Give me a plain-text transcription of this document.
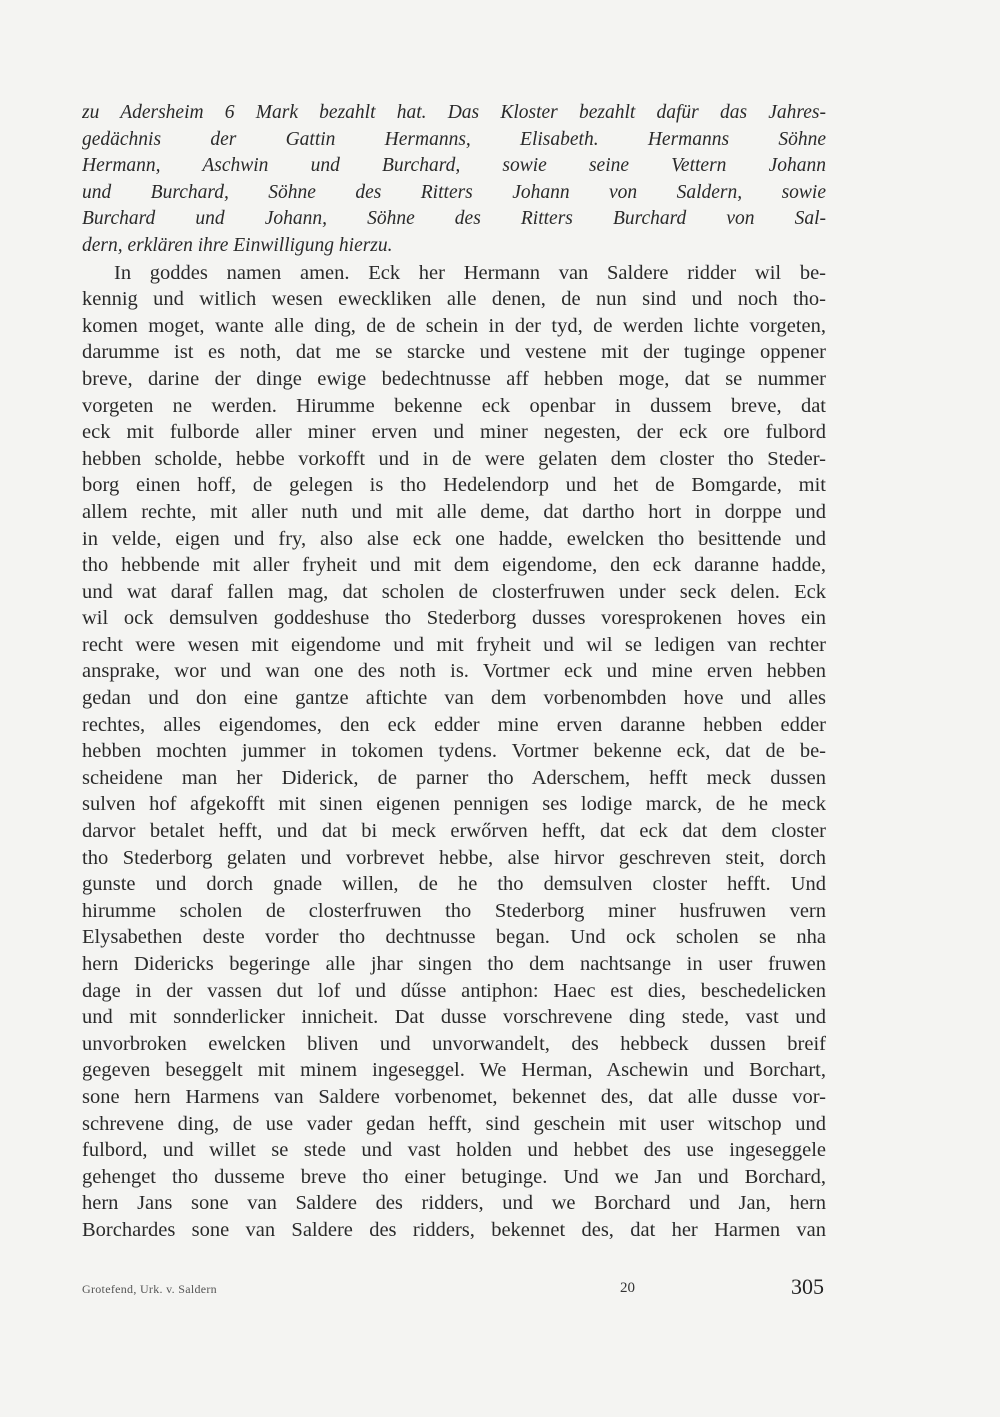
zu Adersheim 6 Mark bezahlt hat. Das Kloster bezahlt dafür das Jahres-
gedächnis der Gattin Hermanns, Elisabeth. Hermanns Söhne
Hermann, Aschwin und Burchard, sowie seine Vettern Johann
und Burchard, Söhne des Ritters Johann von Saldern, sowie
Burchard und Johann, Söhne des Ritters Burchard von Sal-
dern, erklären ihre Einwilligung hierzu.
In goddes namen amen. Eck her Hermann van Saldere ridder wil be-
kennig und witlich wesen eweckliken alle denen, de nun sind und noch tho-
komen moget, wante alle ding, de de schein in der tyd, de werden lichte vorgeten,
darumme ist es noth, dat me se starcke und vestene mit der tuginge oppener
breve, darine der dinge ewige bedechtnusse aff hebben moge, dat se nummer
vorgeten ne werden. Hirumme bekenne eck openbar in dussem breve, dat
eck mit fulborde aller miner erven und miner negesten, der eck ore fulbord
hebben scholde, hebbe vorkofft und in de were gelaten dem closter tho Steder-
borg einen hoff, de gelegen is tho Hedelendorp und het de Bomgarde, mit
allem rechte, mit aller nuth und mit alle deme, dat dartho hort in dorppe und
in velde, eigen und fry, also alse eck one hadde, ewelcken tho besittende und
tho hebbende mit aller fryheit und mit dem eigendome, den eck daranne hadde,
und wat daraf fallen mag, dat scholen de closterfruwen under seck delen. Eck
wil ock demsulven goddeshuse tho Stederborg dusses voresprokenen hoves ein
recht were wesen mit eigendome und mit fryheit und wil se ledigen van rechter
ansprake, wor und wan one des noth is. Vortmer eck und mine erven hebben
gedan und don eine gantze aftichte van dem vorbenombden hove und alles
rechtes, alles eigendomes, den eck edder mine erven daranne hebben edder
hebben mochten jummer in tokomen tydens. Vortmer bekenne eck, dat de be-
scheidene man her Diderick, de parner tho Aderschem, hefft meck dussen
sulven hof afgekofft mit sinen eigenen pennigen ses lodige marck, de he meck
darvor betalet hefft, und dat bi meck erwőrven hefft, dat eck dat dem closter
tho Stederborg gelaten und vorbrevet hebbe, alse hirvor geschreven steit, dorch
gunste und dorch gnade willen, de he tho demsulven closter hefft. Und
hirumme scholen de closterfruwen tho Stederborg miner husfruwen vern
Elysabethen deste vorder tho dechtnusse began. Und ock scholen se nha
hern Didericks begeringe alle jhar singen tho dem nachtsange in user fruwen
dage in der vassen dut lof und dűsse antiphon: Haec est dies, beschedelicken
und mit sonnderlicker innicheit. Dat dusse vorschrevene ding stede, vast und
unvorbroken ewelcken bliven und unvorwandelt, des hebbeck dussen breif
gegeven beseggelt mit minem ingeseggel. We Herman, Aschewin und Borchart,
sone hern Harmens van Saldere vorbenomet, bekennet des, dat alle dusse vor-
schrevene ding, de use vader gedan hefft, sind geschein mit user witschop und
fulbord, und willet se stede und vast holden und hebbet des use ingeseggele
gehenget tho dusseme breve tho einer betuginge. Und we Jan und Borchard,
hern Jans sone van Saldere des ridders, und we Borchard und Jan, hern
Borchardes sone van Saldere des ridders, bekennet des, dat her Harmen van
Grotefend, Urk. v. Saldern	20	305
